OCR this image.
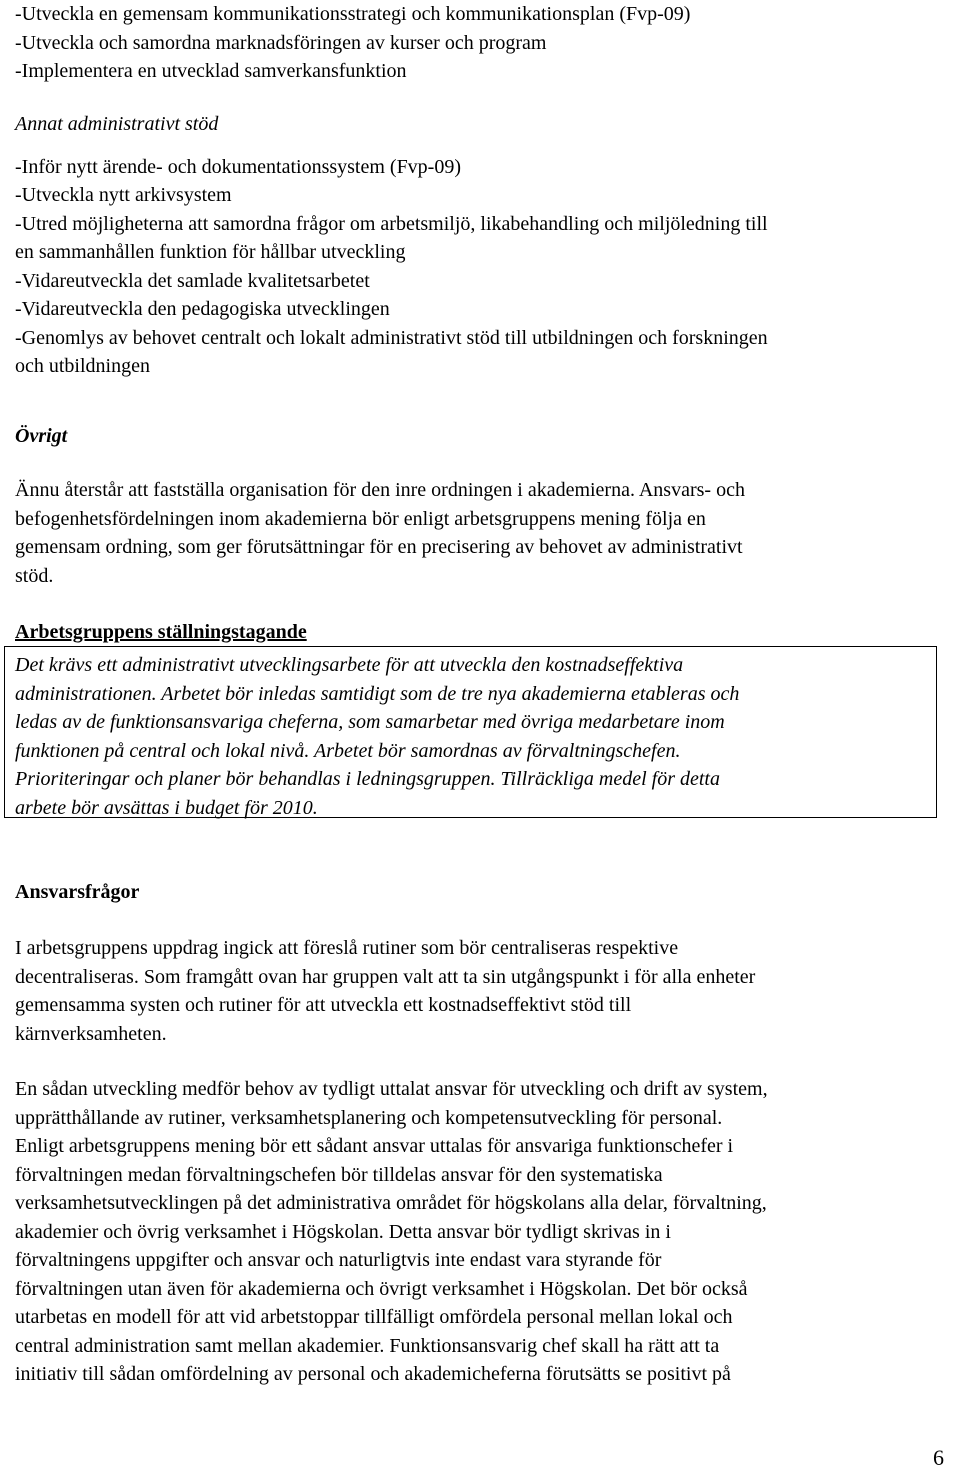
-Utveckla en gemensam kommunikationsstrategi och kommunikationsplan (Fvp-09)

-Utveckla och samordna marknadsföringen av kurser och program

-Implementera en utvecklad samverkansfunktion

Annat administrativt stöd

-Inför nytt ärende- och dokumentationssystem (Fvp-09)

-Utveckla nytt arkivsystem

-Utred möjligheterna att samordna frågor om arbetsmiljö, likabehandling och miljöledning till

en sammanhållen funktion för hållbar utveckling

-Vidareutveckla det samlade kvalitetsarbetet

-Vidareutveckla den pedagogiska utvecklingen

-Genomlys av behovet centralt och lokalt administrativt stöd till utbildningen och forskningen

och utbildningen

Övrigt

Ännu återstår att fastställa organisation för den inre ordningen i akademierna. Ansvars- och

befogenhetsfördelningen inom akademierna bör enligt arbetsgruppens mening följa en

gemensam ordning, som ger förutsättningar för en precisering av behovet av administrativt

stöd.

Arbetsgruppens ställningstagande

Det krävs ett administrativt utvecklingsarbete för att utveckla den kostnadseffektiva

administrationen. Arbetet bör inledas samtidigt som de tre nya akademierna etableras och

ledas av de funktionsansvariga cheferna, som samarbetar med övriga medarbetare inom

funktionen på central och lokal nivå. Arbetet bör samordnas av förvaltningschefen.

Prioriteringar och planer bör behandlas i ledningsgruppen. Tillräckliga medel för detta

arbete bör avsättas i budget för 2010.

Ansvarsfrågor

I arbetsgruppens uppdrag ingick att föreslå rutiner som bör centraliseras respektive

decentraliseras. Som framgått ovan har gruppen valt att ta sin utgångspunkt i för alla enheter

gemensamma systen och rutiner för att utveckla ett kostnadseffektivt stöd till

kärnverksamheten.

En sådan utveckling medför behov av tydligt uttalat ansvar för utveckling och drift av system,

upprätthållande av rutiner, verksamhetsplanering och kompetensutveckling för personal.

Enligt arbetsgruppens mening bör ett sådant ansvar uttalas för ansvariga funktionschefer i

förvaltningen medan förvaltningschefen bör tilldelas ansvar för den systematiska

verksamhetsutvecklingen på det administrativa området för högskolans alla delar, förvaltning,

akademier och övrig verksamhet i Högskolan. Detta ansvar bör tydligt skrivas in i

förvaltningens uppgifter och ansvar och naturligtvis inte endast vara styrande för

förvaltningen utan även för akademierna och övrigt verksamhet i Högskolan. Det bör också

utarbetas en modell för att vid arbetstoppar tillfälligt omfördela personal mellan lokal och

central administration samt mellan akademier. Funktionsansvarig chef skall ha rätt att ta

initiativ till sådan omfördelning av personal och akademicheferna förutsätts se positivt på

6
